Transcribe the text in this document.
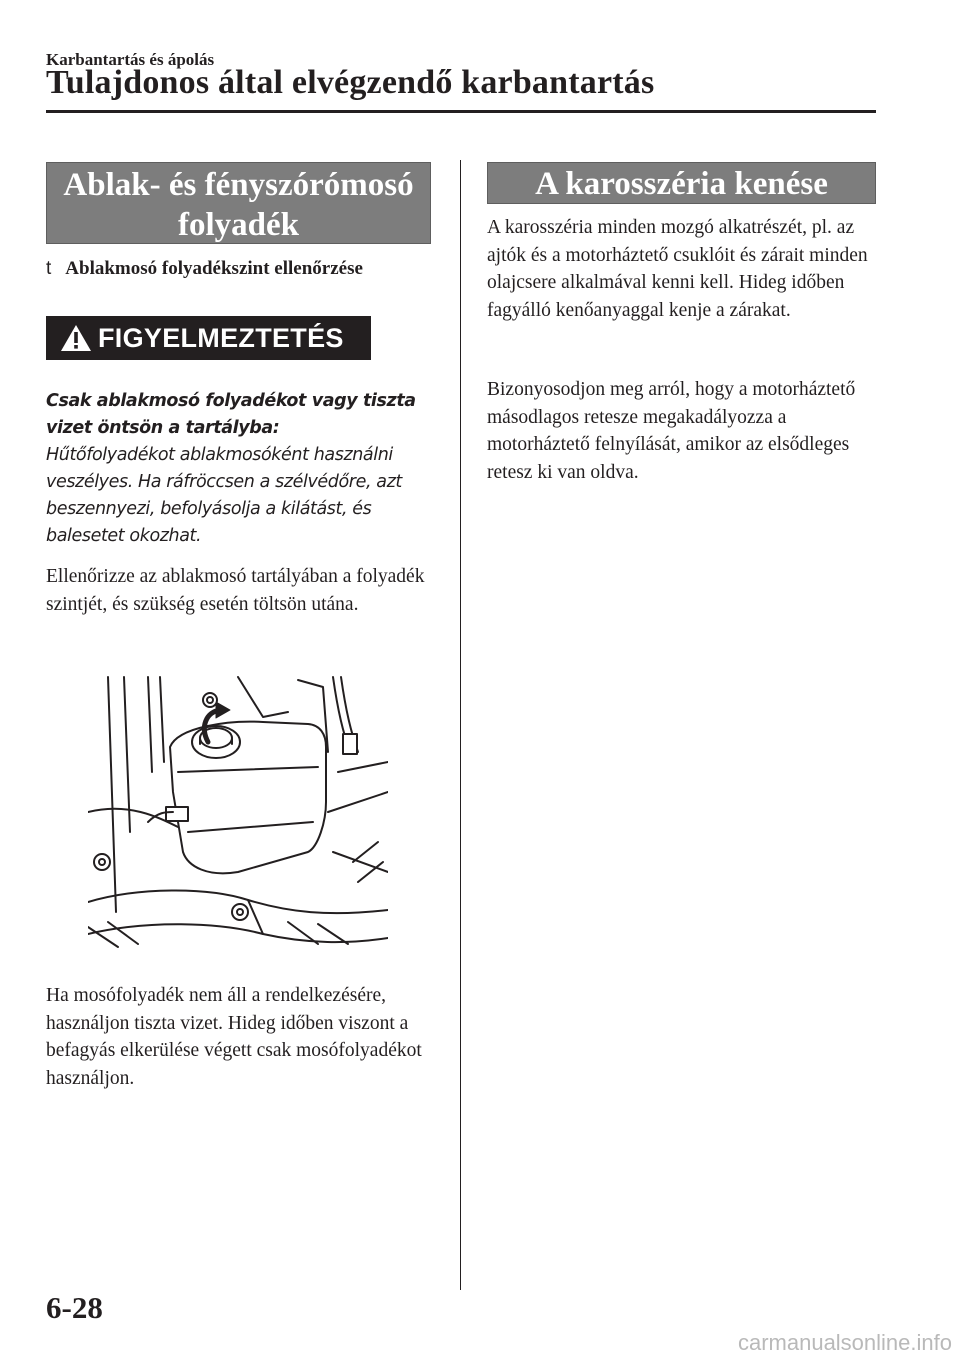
Karbantartás és ápolás
Tulajdonos által elvégzendő karbantartás
Ablak- és fényszórómosó
folyadék
t Ablakmosó folyadékszint ellenőrzése
FIGYELMEZTETÉS
Csak ablakmosó folyadékot vagy tiszta vizet öntsön a tartályba:
Hűtőfolyadékot ablakmosóként használni veszélyes. Ha ráfröccsen a szélvédőre, azt beszennyezi, befolyásolja a kilátást, és balesetet okozhat.

Ellenőrizze az ablakmosó tartályában a folyadék szintjét, és szükség esetén töltsön utána.

Ha mosófolyadék nem áll a rendelkezésére, használjon tiszta vizet. Hideg időben viszont a befagyás elkerülése végett csak mosófolyadékot használjon.

A karosszéria kenése

A karosszéria minden mozgó alkatrészét, pl. az ajtók és a motorháztető csuklóit és zárait minden olajcsere alkalmával kenni kell. Hideg időben fagyálló kenőanyaggal kenje a zárakat.

Bizonyosodjon meg arról, hogy a motorháztető másodlagos retesze megakadályozza a motorháztető felnyílását, amikor az elsődleges retesz ki van oldva.

6-28
carmanualsonline.info
